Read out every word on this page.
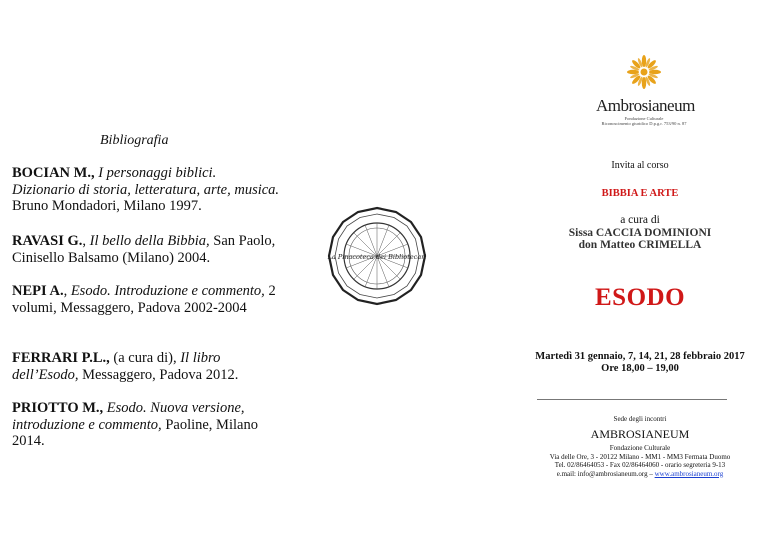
Bibliografia
BOCIAN M., I personaggi biblici. Dizionario di storia, letteratura, arte, musica. Bruno Mondadori, Milano 1997.
RAVASI G., Il bello della Bibbia, San Paolo, Cinisello Balsamo (Milano) 2004.
NEPI A., Esodo. Introduzione e commento, 2 volumi, Messaggero, Padova 2002-2004
FERRARI P.L., (a cura di), Il libro dell’Esodo, Messaggero, Padova 2012.
PRIOTTO M., Esodo. Nuova versione, introduzione e commento, Paoline, Milano 2014.
La Pinacoteca dei Bibliotecari
Ambrosianeum
Fondazione Culturale
Riconoscimento giuridico D.p.g.r. 753/90 n. 87
Invita al corso
BIBBIA E ARTE
a cura di
Sissa CACCIA DOMINIONI
don Matteo CRIMELLA
ESODO
Martedì 31 gennaio, 7, 14, 21, 28 febbraio 2017
Ore 18,00 – 19,00
Sede degli incontri
AMBROSIANEUM
Fondazione Culturale
Via delle Ore, 3 - 20122 Milano - MM1 - MM3 Fermata Duomo
Tel. 02/86464053 - Fax 02/86464060 - orario segreteria 9-13
e.mail: info@ambrosianeum.org – www.ambrosianeum.org
